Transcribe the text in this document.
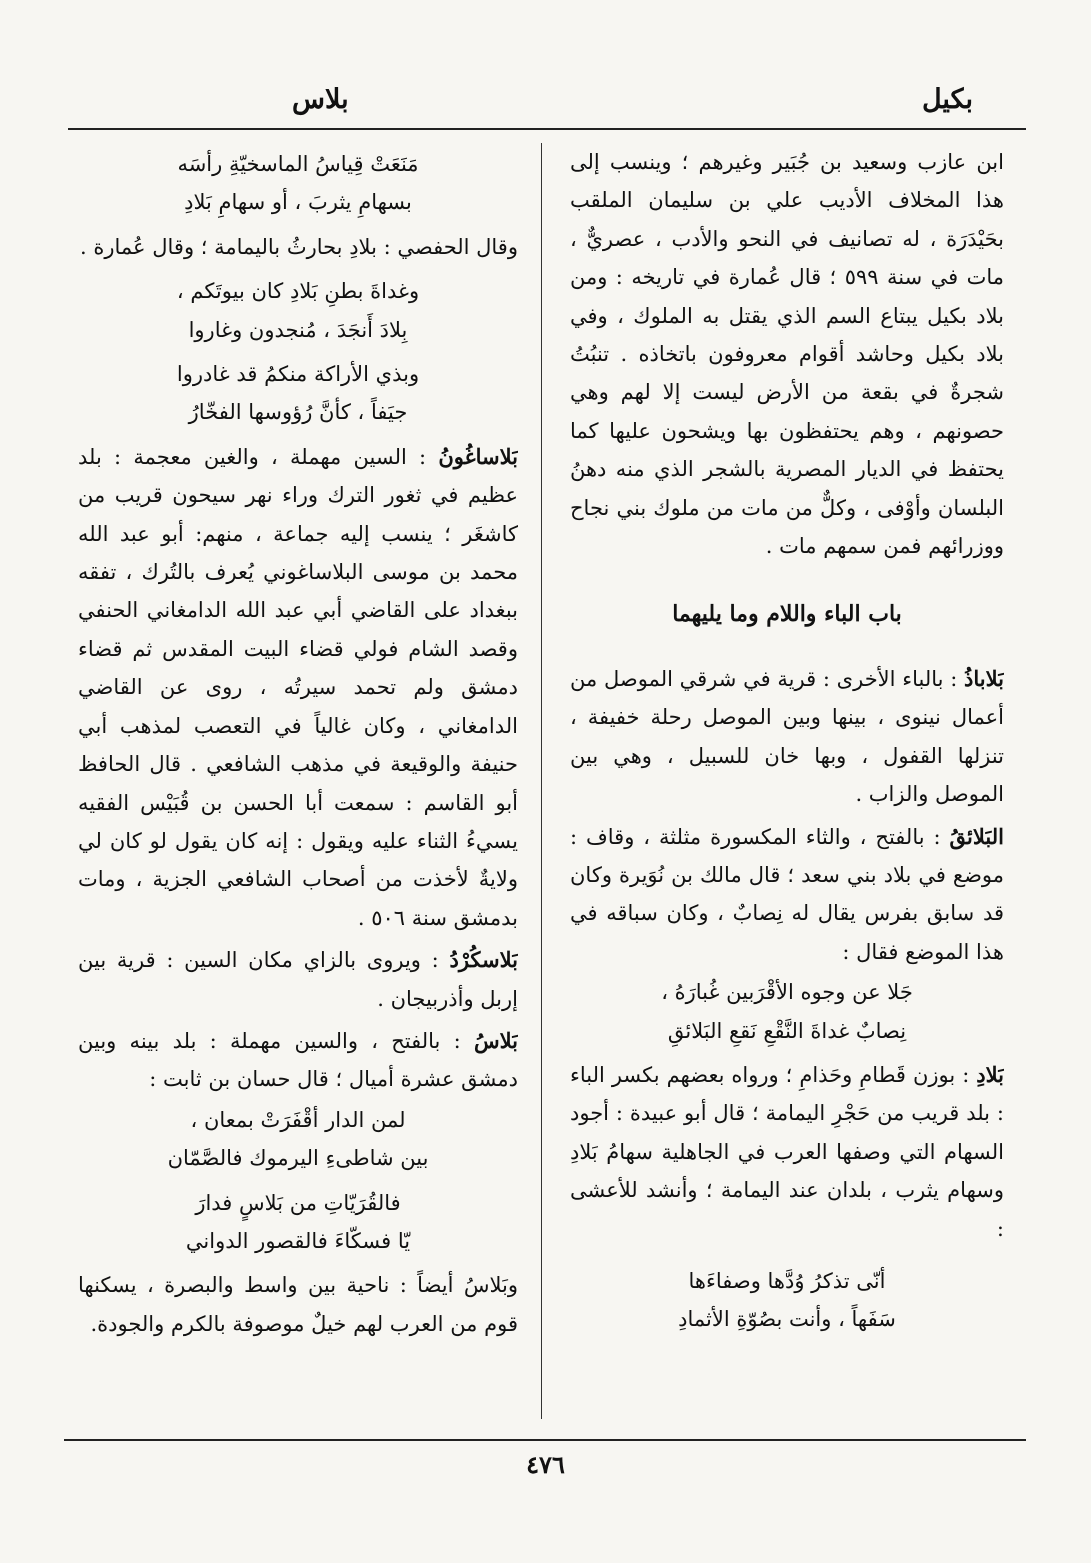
بكيل
بلاس

ابن عازب وسعيد بن جُبَير وغيرهم ؛ وينسب إلى هذا المخلاف الأديب علي بن سليمان الملقب بحَيْدَرَة ، له تصانيف في النحو والأدب ، عصريٌّ ، مات في سنة ٥٩٩ ؛ قال عُمارة في تاريخه : ومن بلاد بكيل يبتاع السم الذي يقتل به الملوك ، وفي بلاد بكيل وحاشد أقوام معروفون باتخاذه . تنبُتُ شجرةٌ في بقعة من الأرض ليست إلا لهم وهي حصونهم ، وهم يحتفظون بها ويشحون عليها كما يحتفظ في الديار المصرية بالشجر الذي منه دهنُ البلسان وأوْفى ، وكلٌّ من مات من ملوك بني نجاح ووزرائهم فمن سمهم مات .

باب الباء واللام وما يليهما

بَلاباذُ : بالباء الأخرى : قرية في شرقي الموصل من أعمال نينوى ، بينها وبين الموصل رحلة خفيفة ، تنزلها القفول ، وبها خان للسبيل ، وهي بين الموصل والزاب .

البَلائقُ : بالفتح ، والثاء المكسورة مثلثة ، وقاف : موضع في بلاد بني سعد ؛ قال مالك بن نُوَيرة وكان قد سابق بفرس يقال له نِصابٌ ، وكان سباقه في هذا الموضع فقال :

جَلا عن وجوه الأقْرَبين غُبارَهُ ،
نِصابٌ غداةَ النَّقْعِ نَقعِ البَلائقِ

بَلادِ : بوزن قَطامِ وحَذامِ ؛ ورواه بعضهم بكسر الباء : بلد قريب من حَجْرِ اليمامة ؛ قال أبو عبيدة : أجود السهام التي وصفها العرب في الجاهلية سهامُ بَلادِ وسهام يثرب ، بلدان عند اليمامة ؛ وأنشد للأعشى :

أنّى تذكرُ وُدَّها وصفاءَها
سَفَهاً ، وأنت بصُوّةِ الأثمادِ
مَنَعَتْ قِياسُ الماسخيّةِ رأسَه
بسهامِ يثربَ ، أو سهامِ بَلادِ

وقال الحفصي : بلادِ بحارثُ باليمامة ؛ وقال عُمارة .

وغداةَ بطنِ بَلادِ كان بيوتَكم ،
بِلادَ أَنجَدَ ، مُنجدون وغاروا
وبذي الأراكة منكمُ قد غادروا
جيَفاً ، كأنَّ رُؤوسها الفخّارُ

بَلاساغُونُ : السين مهملة ، والغين معجمة : بلد عظيم في ثغور الترك وراء نهر سيحون قريب من كاشغَر ؛ ينسب إليه جماعة ، منهم: أبو عبد الله محمد بن موسى البلاساغوني يُعرف بالتُرك ، تفقه ببغداد على القاضي أبي عبد الله الدامغاني الحنفي وقصد الشام فولي قضاء البيت المقدس ثم قضاء دمشق ولم تحمد سيرتُه ، روى عن القاضي الدامغاني ، وكان غالياً في التعصب لمذهب أبي حنيفة والوقيعة في مذهب الشافعي . قال الحافظ أبو القاسم : سمعت أبا الحسن بن قُبَيْس الفقيه يسيءُ الثناء عليه ويقول : إنه كان يقول لو كان لي ولايةٌ لأخذت من أصحاب الشافعي الجزية ، ومات بدمشق سنة ٥٠٦ .

بَلاسكُرْدُ : ويروى بالزاي مكان السين : قرية بين إربل وأذربيجان .

بَلاسُ : بالفتح ، والسين مهملة : بلد بينه وبين دمشق عشرة أميال ؛ قال حسان بن ثابت :

لمن الدار أقْفَرَتْ بمعان ،
بين شاطىءِ اليرموك فالصَّمّان
فالقُرَيّاتِ من بَلاسٍ فدارَ
يّا فسكّاءَ فالقصور الدواني

وبَلاسُ أيضاً : ناحية بين واسط والبصرة ، يسكنها قوم من العرب لهم خيلٌ موصوفة بالكرم والجودة.

٤٧٦
